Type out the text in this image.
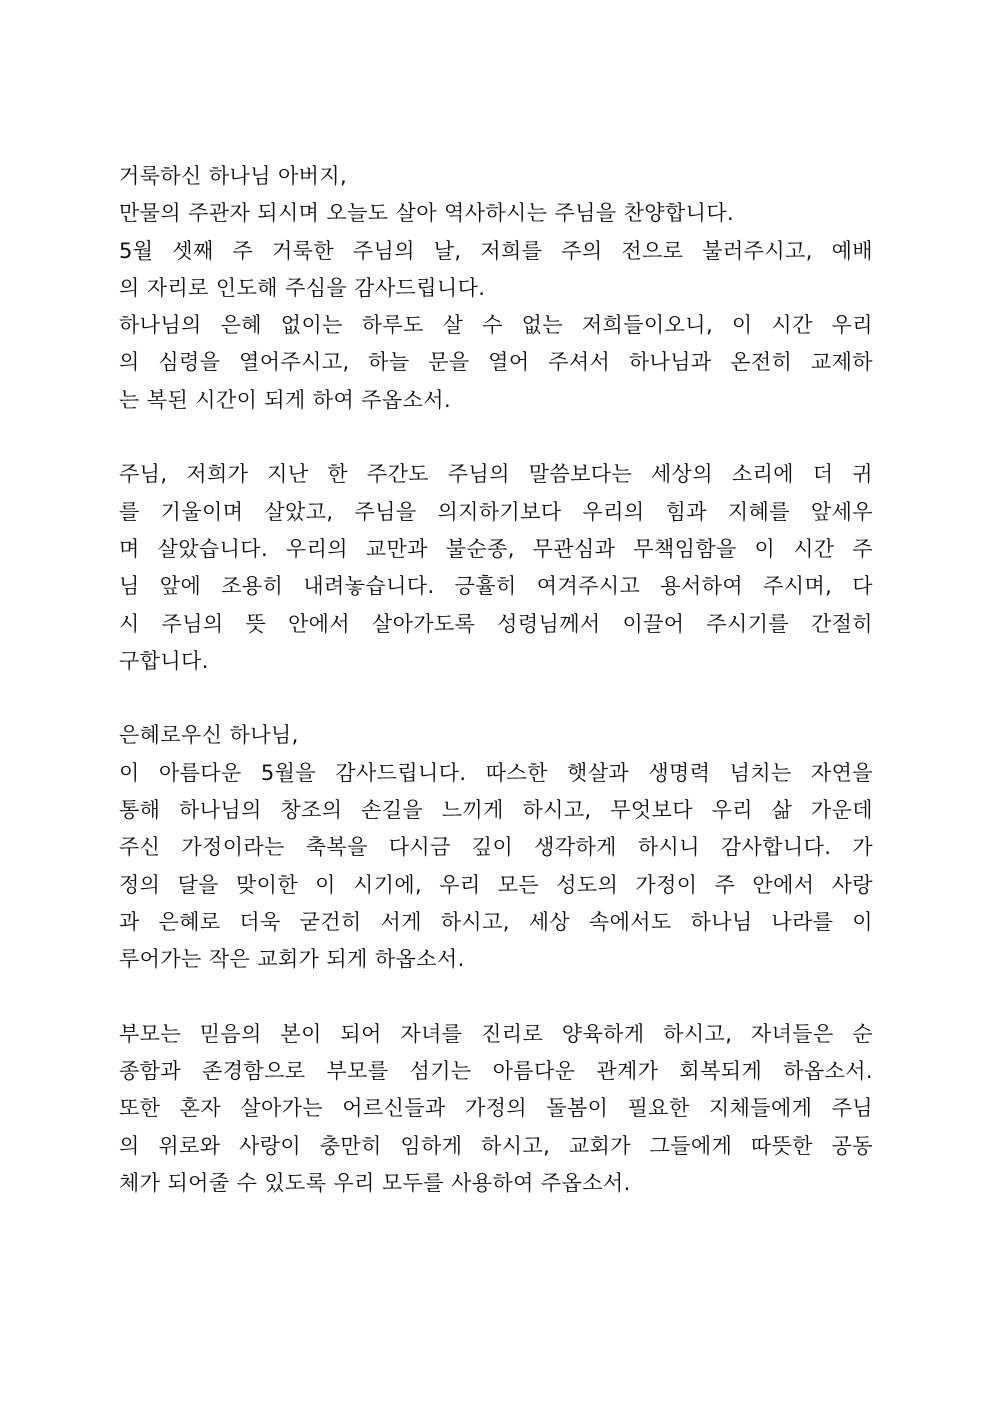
거룩하신 하나님 아버지,
만물의 주관자 되시며 오늘도 살아 역사하시는 주님을 찬양합니다.
5월 셋째 주 거룩한 주님의 날, 저희를 주의 전으로 불러주시고, 예배
의 자리로 인도해 주심을 감사드립니다.
하나님의 은혜 없이는 하루도 살 수 없는 저희들이오니, 이 시간 우리
의 심령을 열어주시고, 하늘 문을 열어 주셔서 하나님과 온전히 교제하
는 복된 시간이 되게 하여 주옵소서.
주님, 저희가 지난 한 주간도 주님의 말씀보다는 세상의 소리에 더 귀
를 기울이며 살았고, 주님을 의지하기보다 우리의 힘과 지혜를 앞세우
며 살았습니다. 우리의 교만과 불순종, 무관심과 무책임함을 이 시간 주
님 앞에 조용히 내려놓습니다. 긍휼히 여겨주시고 용서하여 주시며, 다
시 주님의 뜻 안에서 살아가도록 성령님께서 이끌어 주시기를 간절히
구합니다.
은혜로우신 하나님,
이 아름다운 5월을 감사드립니다. 따스한 햇살과 생명력 넘치는 자연을
통해 하나님의 창조의 손길을 느끼게 하시고, 무엇보다 우리 삶 가운데
주신 가정이라는 축복을 다시금 깊이 생각하게 하시니 감사합니다. 가
정의 달을 맞이한 이 시기에, 우리 모든 성도의 가정이 주 안에서 사랑
과 은혜로 더욱 굳건히 서게 하시고, 세상 속에서도 하나님 나라를 이
루어가는 작은 교회가 되게 하옵소서.
부모는 믿음의 본이 되어 자녀를 진리로 양육하게 하시고, 자녀들은 순
종함과 존경함으로 부모를 섬기는 아름다운 관계가 회복되게 하옵소서.
또한 혼자 살아가는 어르신들과 가정의 돌봄이 필요한 지체들에게 주님
의 위로와 사랑이 충만히 임하게 하시고, 교회가 그들에게 따뜻한 공동
체가 되어줄 수 있도록 우리 모두를 사용하여 주옵소서.
